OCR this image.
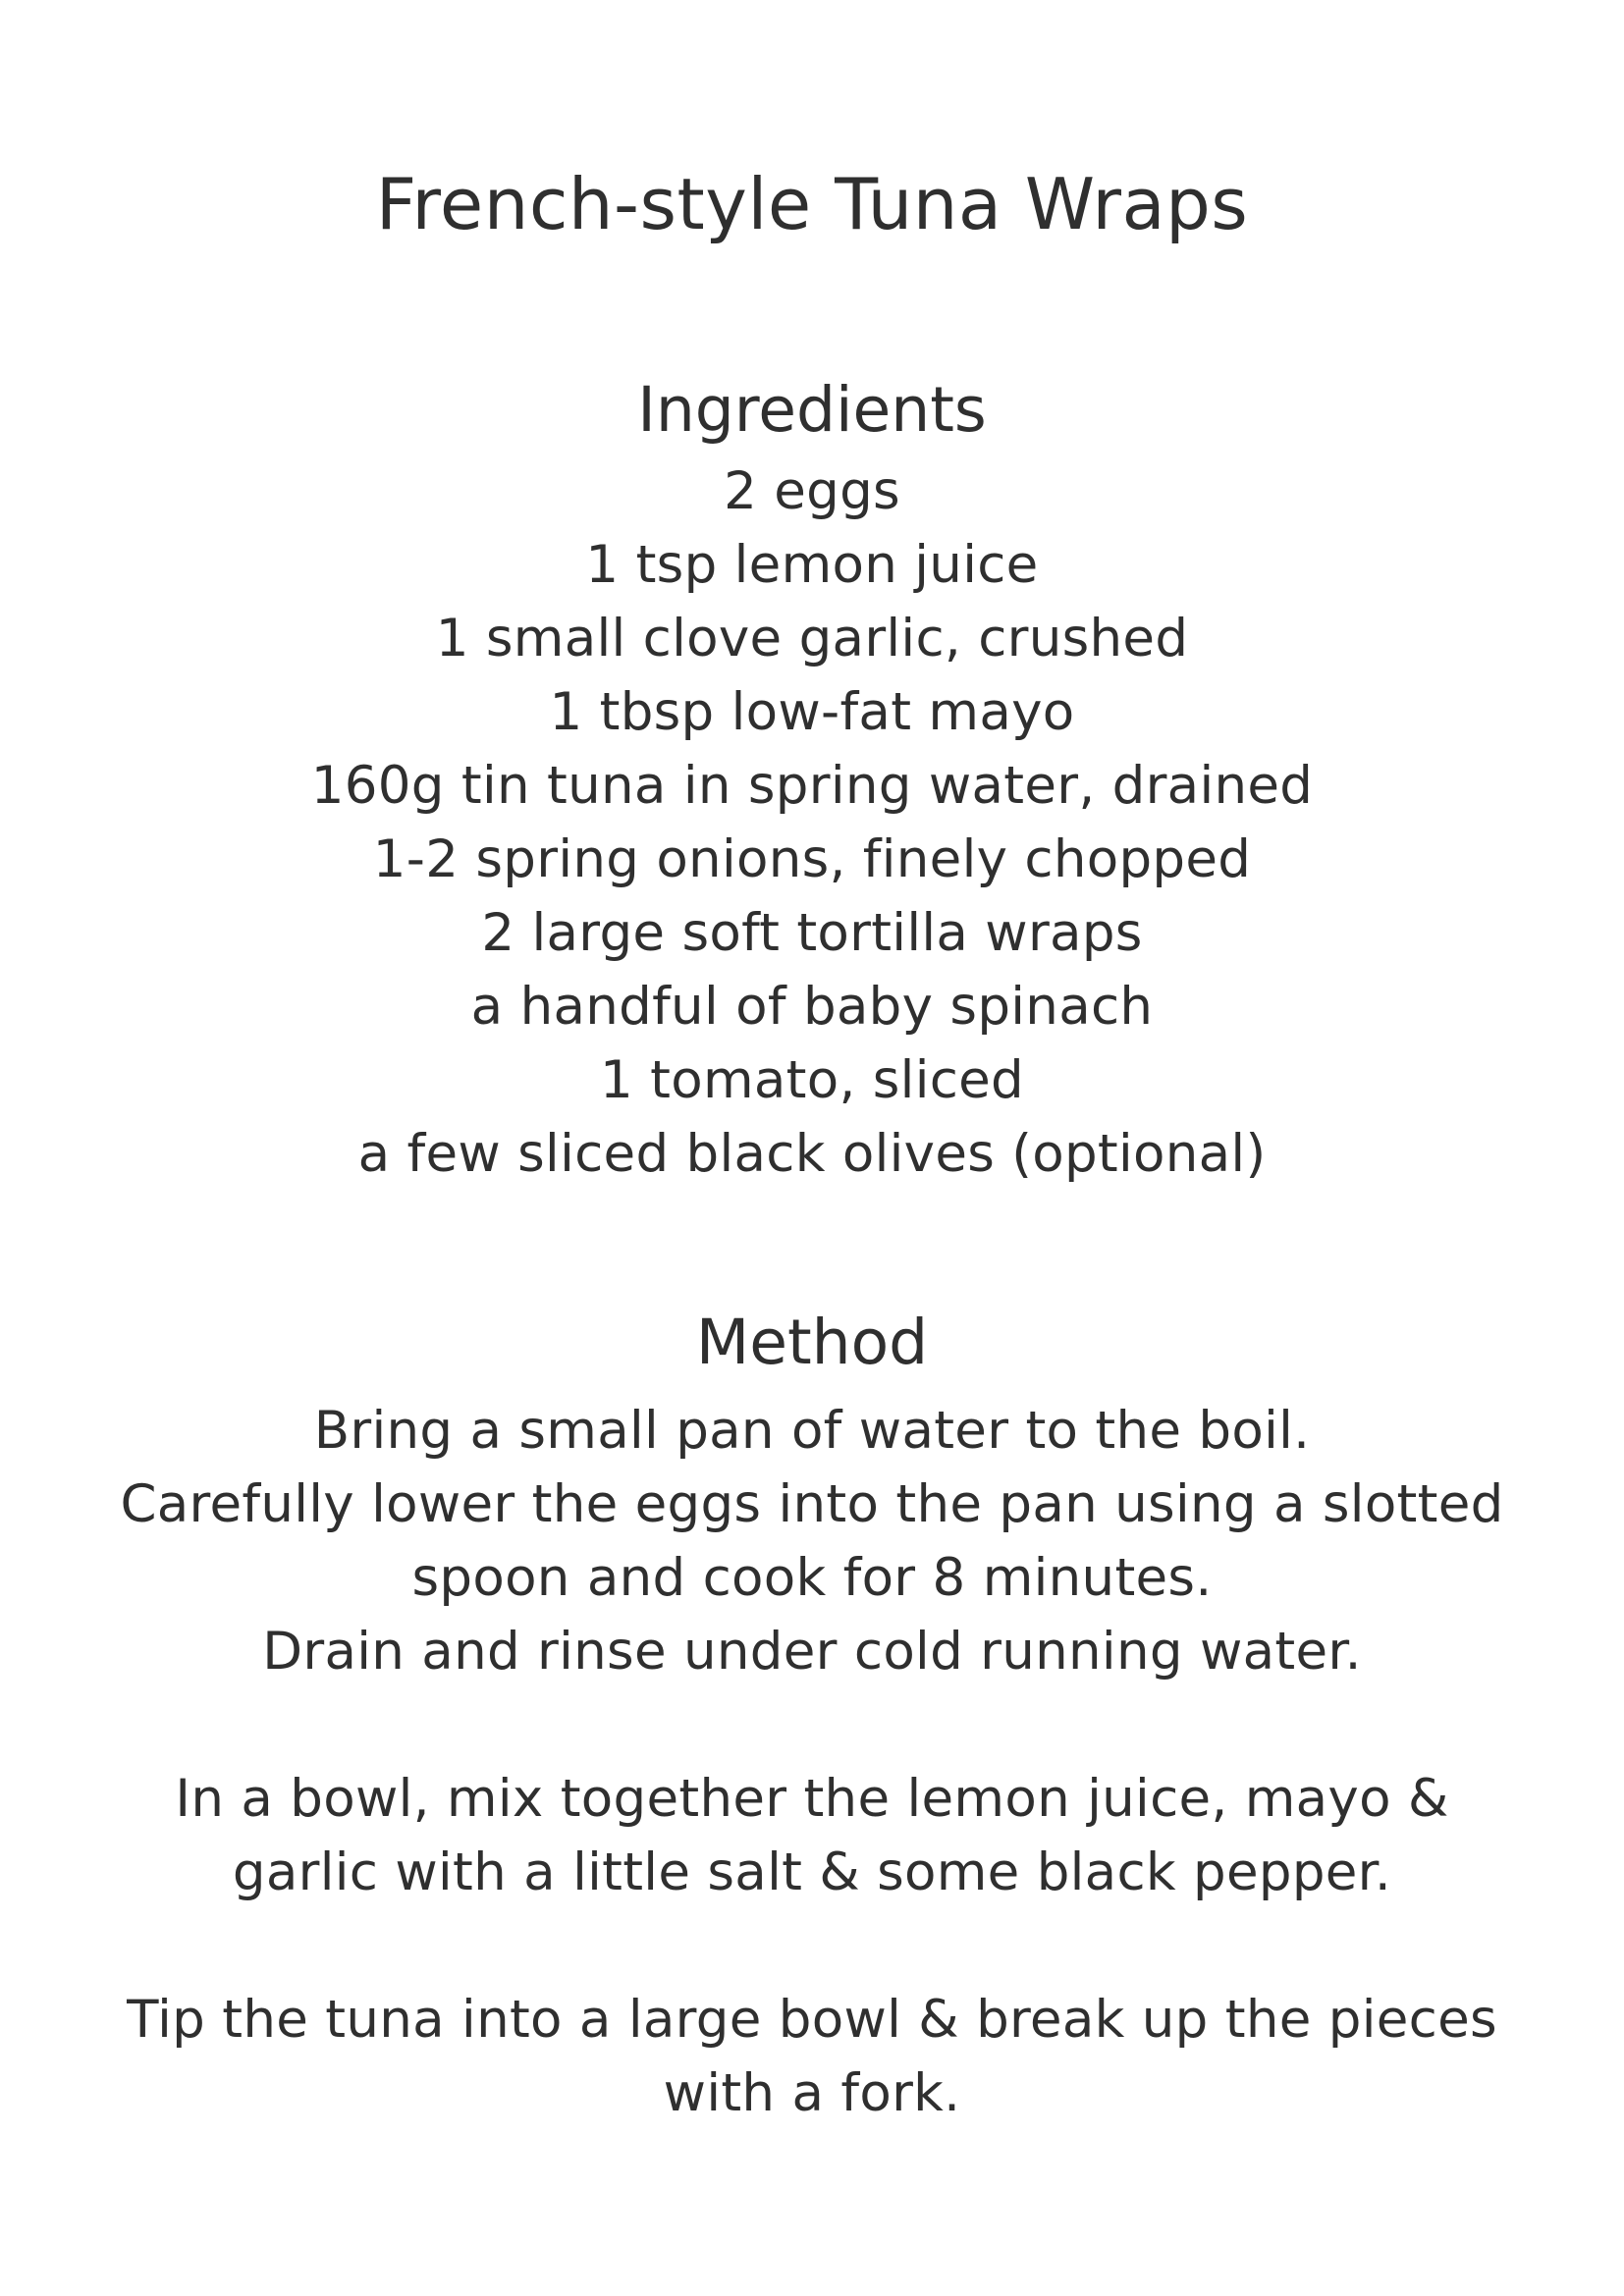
French-style Tuna Wraps
Ingredients
2 eggs
1 tsp lemon juice
1 small clove garlic, crushed
1 tbsp low-fat mayo
160g tin tuna in spring water, drained
1-2 spring onions, finely chopped
2 large soft tortilla wraps
a handful of baby spinach
1 tomato, sliced
a few sliced black olives (optional)
Method

Bring a small pan of water to the boil.

Carefully lower the eggs into the pan using a slotted

spoon and cook for 8 minutes.

Drain and rinse under cold running water.

In a bowl, mix together the lemon juice, mayo &

garlic with a little salt & some black pepper.

Tip the tuna into a large bowl & break up the pieces

with a fork.
